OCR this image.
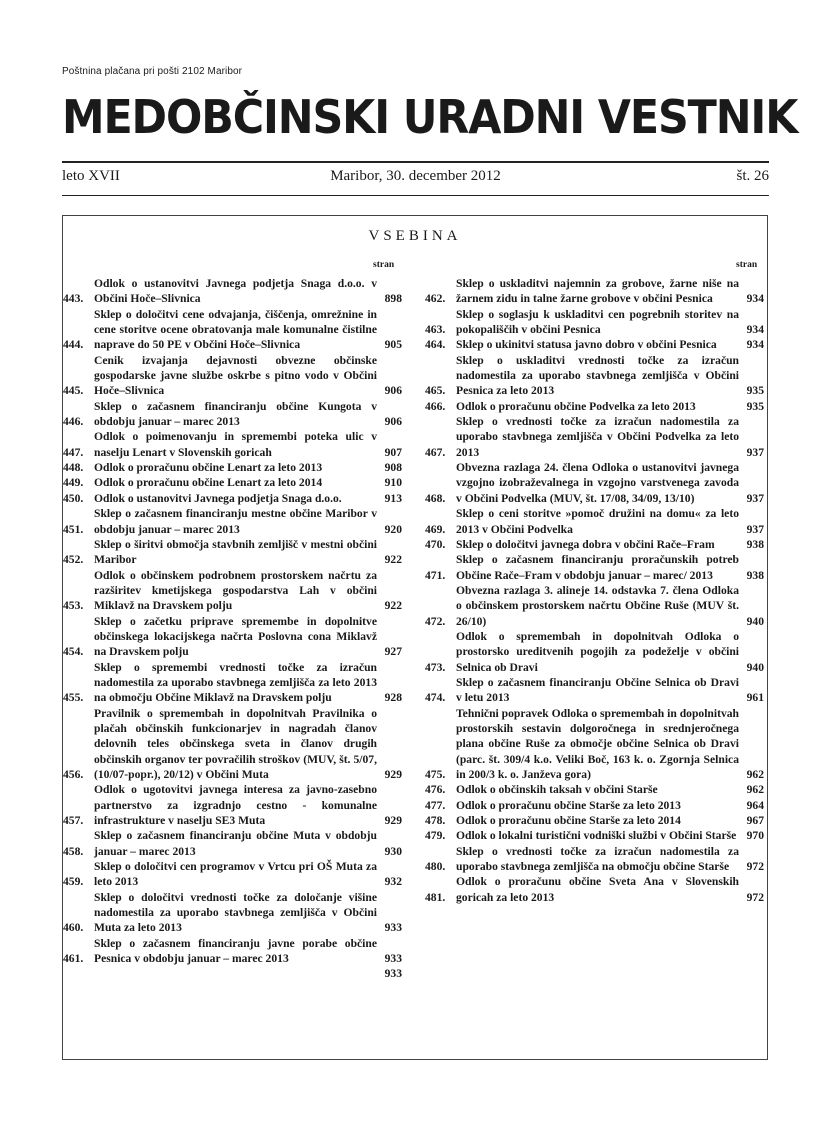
Poštnina plačana pri pošti 2102 Maribor
MEDOBČINSKI URADNI VESTNIK
leto XVII	Maribor, 30. december 2012	št. 26
VSEBINA
stran
443.
Odlok o ustanovitvi Javnega podjetja Snaga d.o.o. v Občini Hoče–Slivnica	898
444.
Sklep o določitvi cene odvajanja, čiščenja, omrežnine in cene storitve ocene obratovanja male komunalne čistilne naprave do 50 PE v Občini Hoče–Slivnica	905
445.
Cenik izvajanja dejavnosti obvezne občinske gospodarske javne službe oskrbe s pitno vodo v Občini Hoče–Slivnica	906
446.
Sklep o začasnem financiranju občine Kungota v obdobju januar – marec 2013	906
447.
Odlok o poimenovanju in spremembi poteka ulic v naselju Lenart v Slovenskih goricah	907
448. Odlok o proračunu občine Lenart za leto 2013	908
449. Odlok o proračunu občine Lenart za leto 2014	910
450. Odlok o ustanovitvi Javnega podjetja Snaga d.o.o.	913
451.
Sklep o začasnem financiranju mestne občine Maribor v obdobju januar – marec 2013	920
452.
Sklep o širitvi območja stavbnih zemljišč v mestni občini Maribor	922
453.
Odlok o občinskem podrobnem prostorskem načrtu za razširitev kmetijskega gospodarstva Lah v občini Miklavž na Dravskem polju	922
454.
Sklep o začetku priprave spremembe in dopolnitve občinskega lokacijskega načrta Poslovna cona Miklavž na Dravskem polju	927
455.
Sklep o spremembi vrednosti točke za izračun nadomestila za uporabo stavbnega zemljišča za leto 2013 na območju Občine Miklavž na Dravskem polju	928
456.
Pravilnik o spremembah in dopolnitvah Pravilnika o plačah občinskih funkcionarjev in nagradah članov delovnih teles občinskega sveta in članov drugih občinskih organov ter povračilih stroškov (MUV, št. 5/07, (10/07-popr.), 20/12) v Občini Muta	929
457.
Odlok o ugotovitvi javnega interesa za javno-zasebno partnerstvo za izgradnjo cestno - komunalne infrastrukture v naselju SE3 Muta	929
458.
Sklep o začasnem financiranju občine Muta v obdobju januar – marec 2013	930
459.
Sklep o določitvi cen programov v Vrtcu pri OŠ Muta za leto 2013	932
460.
Sklep o določitvi vrednosti točke za določanje višine nadomestila za uporabo stavbnega zemljišča v Občini Muta za leto 2013	933
461.
Sklep o začasnem financiranju javne porabe občine Pesnica v obdobju januar – marec 2013	933
933
stran
462.
Sklep o uskladitvi najemnin za grobove, žarne niše na žarnem zidu in talne žarne grobove v občini Pesnica	934
463.
Sklep o soglasju k uskladitvi cen pogrebnih storitev na pokopališčih v občini Pesnica	934
464. Sklep o ukinitvi statusa javno dobro v občini Pesnica	934
465.
Sklep o uskladitvi vrednosti točke za izračun nadomestila za uporabo stavbnega zemljišča v Občini Pesnica za leto 2013	935
466. Odlok o proračunu občine Podvelka za leto 2013	935
467.
Sklep o vrednosti točke za izračun nadomestila za uporabo stavbnega zemljišča v Občini Podvelka za leto 2013	937
468.
Obvezna razlaga 24. člena Odloka o ustanovitvi javnega vzgojno izobraževalnega in vzgojno varstvenega zavoda v Občini Podvelka (MUV, št. 17/08, 34/09, 13/10)	937
469.
Sklep o ceni storitve »pomoč družini na domu« za leto 2013 v Občini Podvelka	937
470. Sklep o določitvi javnega dobra v občini Rače–Fram	938
471.
Sklep o začasnem financiranju proračunskih potreb Občine Rače–Fram v obdobju januar – marec/ 2013	938
472.
Obvezna razlaga 3. alineje 14. odstavka 7. člena Odloka o občinskem prostorskem načrtu Občine Ruše (MUV št. 26/10)	940
473.
Odlok o spremembah in dopolnitvah Odloka o prostorsko ureditvenih pogojih za podeželje v občini Selnica ob Dravi	940
474.
Sklep o začasnem financiranju Občine Selnica ob Dravi v letu 2013	961
475.
Tehnični popravek Odloka o spremembah in dopolnitvah prostorskih sestavin dolgoročnega in srednjeročnega plana občine Ruše za območje občine Selnica ob Dravi (parc. št. 309/4 k.o. Veliki Boč, 163 k. o. Zgornja Selnica in 200/3 k. o. Janževa gora)	962
476. Odlok o občinskih taksah v občini Starše	962
477. Odlok o proračunu občine Starše za leto 2013	964
478. Odlok o proračunu občine Starše za leto 2014	967
479. Odlok o lokalni turistični vodniški službi v Občini Starše 970
480.
Sklep o vrednosti točke za izračun nadomestila za uporabo stavbnega zemljišča na območju občine Starše	972
481.
Odlok o proračunu občine Sveta Ana v Slovenskih goricah za leto 2013	972
